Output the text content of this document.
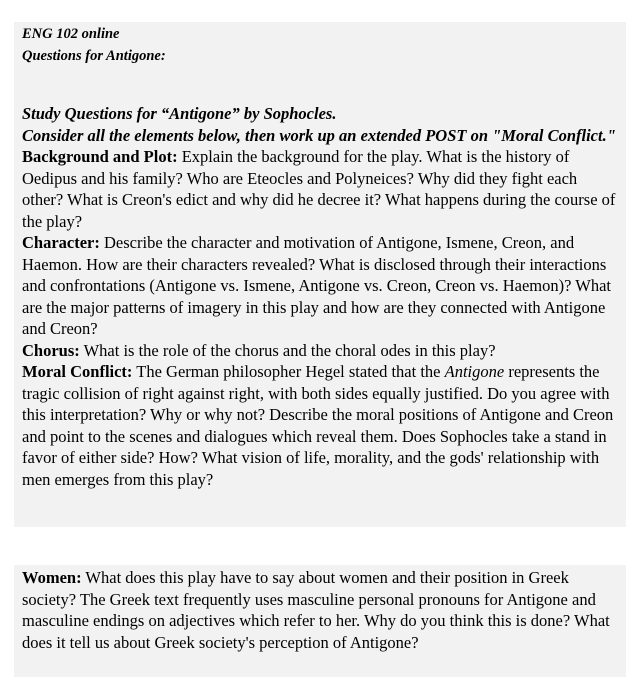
ENG 102 online
Questions for Antigone:
Study Questions for “Antigone” by Sophocles.
Consider all the elements below, then work up an extended POST on "Moral Conflict."

Background and Plot: Explain the background for the play. What is the history of Oedipus and his family? Who are Eteocles and Polyneices? Why did they fight each other? What is Creon's edict and why did he decree it? What happens during the course of the play?

Character: Describe the character and motivation of Antigone, Ismene, Creon, and Haemon. How are their characters revealed? What is disclosed through their interactions and confrontations (Antigone vs. Ismene, Antigone vs. Creon, Creon vs. Haemon)? What are the major patterns of imagery in this play and how are they connected with Antigone and Creon?

Chorus: What is the role of the chorus and the choral odes in this play?

Moral Conflict: The German philosopher Hegel stated that the Antigone represents the tragic collision of right against right, with both sides equally justified. Do you agree with this interpretation? Why or why not? Describe the moral positions of Antigone and Creon and point to the scenes and dialogues which reveal them. Does Sophocles take a stand in favor of either side? How? What vision of life, morality, and the gods' relationship with men emerges from this play?

Women: What does this play have to say about women and their position in Greek society? The Greek text frequently uses masculine personal pronouns for Antigone and masculine endings on adjectives which refer to her. Why do you think this is done? What does it tell us about Greek society's perception of Antigone?
